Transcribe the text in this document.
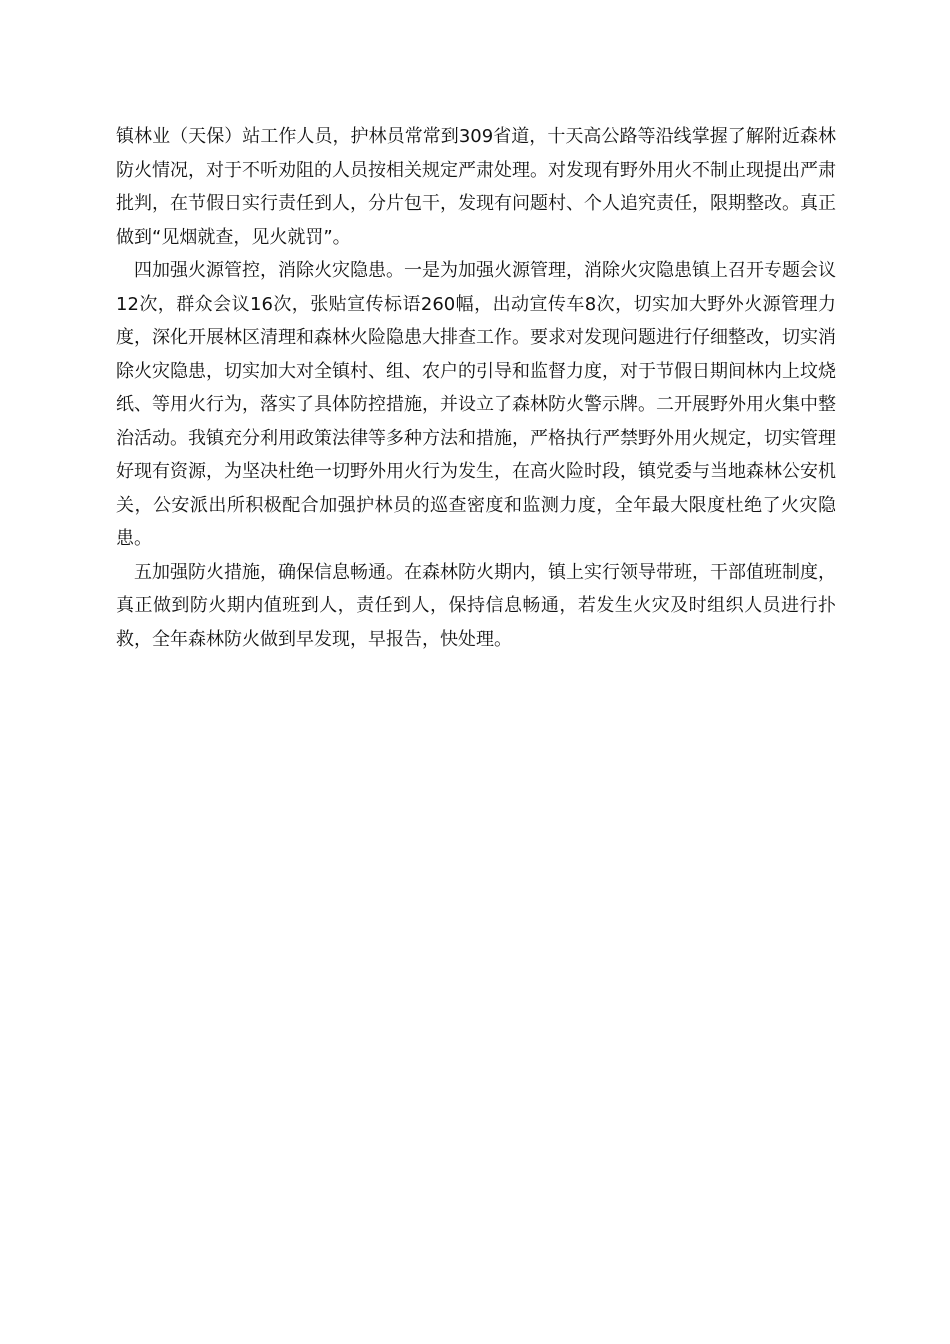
镇林业（天保）站工作人员，护林员常常到309省道，十天高公路等沿线掌握了解附近森林防火情况，对于不听劝阻的人员按相关规定严肃处理。对发现有野外用火不制止现提出严肃批判，在节假日实行责任到人，分片包干，发现有问题村、个人追究责任，限期整改。真正做到“见烟就查，见火就罚”。

四加强火源管控，消除火灾隐患。一是为加强火源管理，消除火灾隐患镇上召开专题会议12次，群众会议16次，张贴宣传标语260幅，出动宣传车8次，切实加大野外火源管理力度，深化开展林区清理和森林火险隐患大排查工作。要求对发现问题进行仔细整改，切实消除火灾隐患，切实加大对全镇村、组、农户的引导和监督力度，对于节假日期间林内上坟烧纸、等用火行为，落实了具体防控措施，并设立了森林防火警示牌。二开展野外用火集中整治活动。我镇充分利用政策法律等多种方法和措施，严格执行严禁野外用火规定，切实管理好现有资源，为坚决杜绝一切野外用火行为发生，在高火险时段，镇党委与当地森林公安机关，公安派出所积极配合加强护林员的巡查密度和监测力度，全年最大限度杜绝了火灾隐患。

五加强防火措施，确保信息畅通。在森林防火期内，镇上实行领导带班，干部值班制度，真正做到防火期内值班到人，责任到人，保持信息畅通，若发生火灾及时组织人员进行扑救，全年森林防火做到早发现，早报告，快处理。
